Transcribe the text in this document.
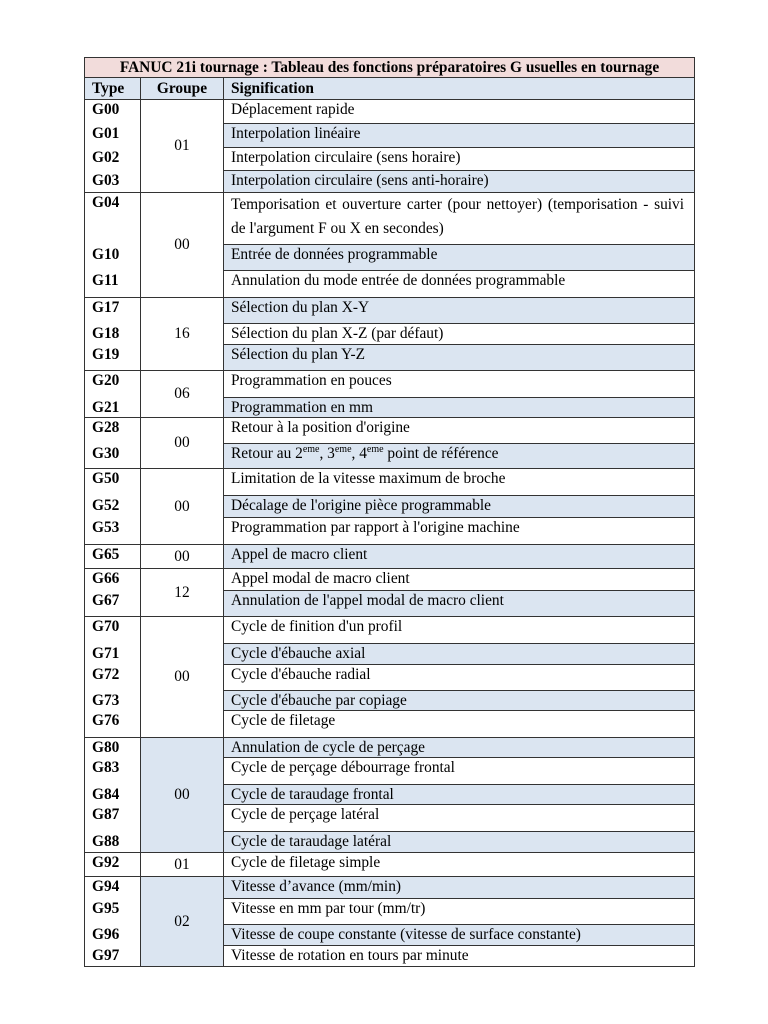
FANUC 21i tournage : Tableau des fonctions préparatoires G usuelles en tournage		
Type	Groupe	Signification
G00	01	Déplacement rapide
G01		Interpolation linéaire
G02		Interpolation circulaire (sens horaire)
G03		Interpolation circulaire (sens anti-horaire)
G04	00	Temporisation et ouverture carter (pour nettoyer) (temporisation - suivi de l'argument F ou X en secondes)
G10		Entrée de données programmable
G11		Annulation du mode entrée de données programmable
G17	16	Sélection du plan X-Y
G18		Sélection du plan X-Z (par défaut)
G19		Sélection du plan Y-Z
G20	06	Programmation en pouces
G21		Programmation en mm
G28	00	Retour à la position d'origine
G30		Retour au 2eme, 3eme, 4eme point de référence
G50	00	Limitation de la vitesse maximum de broche
G52		Décalage de l'origine pièce programmable
G53		Programmation par rapport à l'origine machine
G65	00	Appel de macro client
G66	12	Appel modal de macro client
G67		Annulation de l'appel modal de macro client
G70	00	Cycle de finition d'un profil
G71		Cycle d'ébauche axial
G72		Cycle d'ébauche radial
G73		Cycle d'ébauche par copiage
G76		Cycle de filetage
G80	00	Annulation de cycle de perçage
G83		Cycle de perçage débourrage frontal
G84		Cycle de taraudage frontal
G87		Cycle de perçage latéral
G88		Cycle de taraudage latéral
G92	01	Cycle de filetage simple
G94	02	Vitesse d’avance (mm/min)
G95		Vitesse en mm par tour (mm/tr)
G96		Vitesse de coupe constante (vitesse de surface constante)
G97		Vitesse de rotation en tours par minute
